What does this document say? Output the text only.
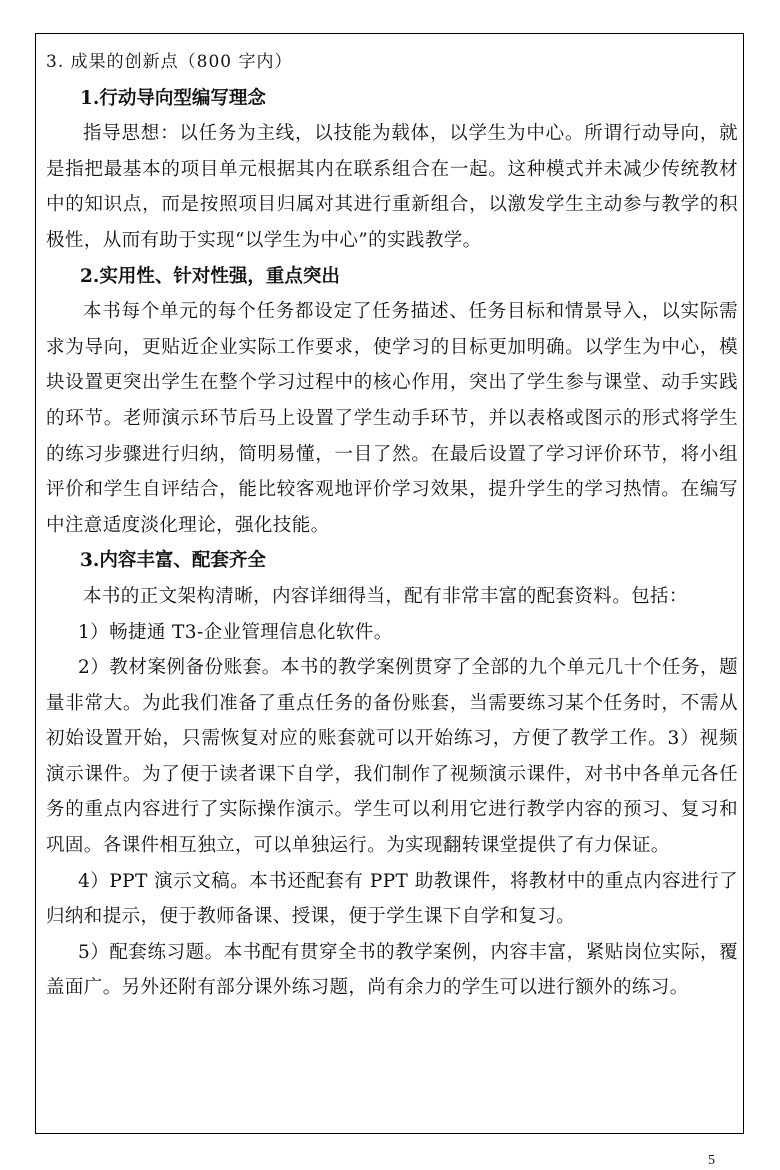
3. 成果的创新点（800 字内）

1.行动导向型编写理念

指导思想：以任务为主线，以技能为载体，以学生为中心。所谓行动导向，就是指把最基本的项目单元根据其内在联系组合在一起。这种模式并未减少传统教材中的知识点，而是按照项目归属对其进行重新组合，以激发学生主动参与教学的积极性，从而有助于实现“以学生为中心”的实践教学。

2.实用性、针对性强，重点突出

本书每个单元的每个任务都设定了任务描述、任务目标和情景导入，以实际需求为导向，更贴近企业实际工作要求，使学习的目标更加明确。以学生为中心，模块设置更突出学生在整个学习过程中的核心作用，突出了学生参与课堂、动手实践的环节。老师演示环节后马上设置了学生动手环节，并以表格或图示的形式将学生的练习步骤进行归纳，简明易懂，一目了然。在最后设置了学习评价环节，将小组评价和学生自评结合，能比较客观地评价学习效果，提升学生的学习热情。在编写中注意适度淡化理论，强化技能。

3.内容丰富、配套齐全

本书的正文架构清晰，内容详细得当，配有非常丰富的配套资料。包括：

1）畅捷通 T3-企业管理信息化软件。

2）教材案例备份账套。本书的教学案例贯穿了全部的九个单元几十个任务，题量非常大。为此我们准备了重点任务的备份账套，当需要练习某个任务时，不需从初始设置开始，只需恢复对应的账套就可以开始练习，方便了教学工作。3）视频演示课件。为了便于读者课下自学，我们制作了视频演示课件，对书中各单元各任务的重点内容进行了实际操作演示。学生可以利用它进行教学内容的预习、复习和巩固。各课件相互独立，可以单独运行。为实现翻转课堂提供了有力保证。

4）PPT 演示文稿。本书还配套有 PPT 助教课件，将教材中的重点内容进行了归纳和提示，便于教师备课、授课，便于学生课下自学和复习。

5）配套练习题。本书配有贯穿全书的教学案例，内容丰富，紧贴岗位实际，覆盖面广。另外还附有部分课外练习题，尚有余力的学生可以进行额外的练习。

5
